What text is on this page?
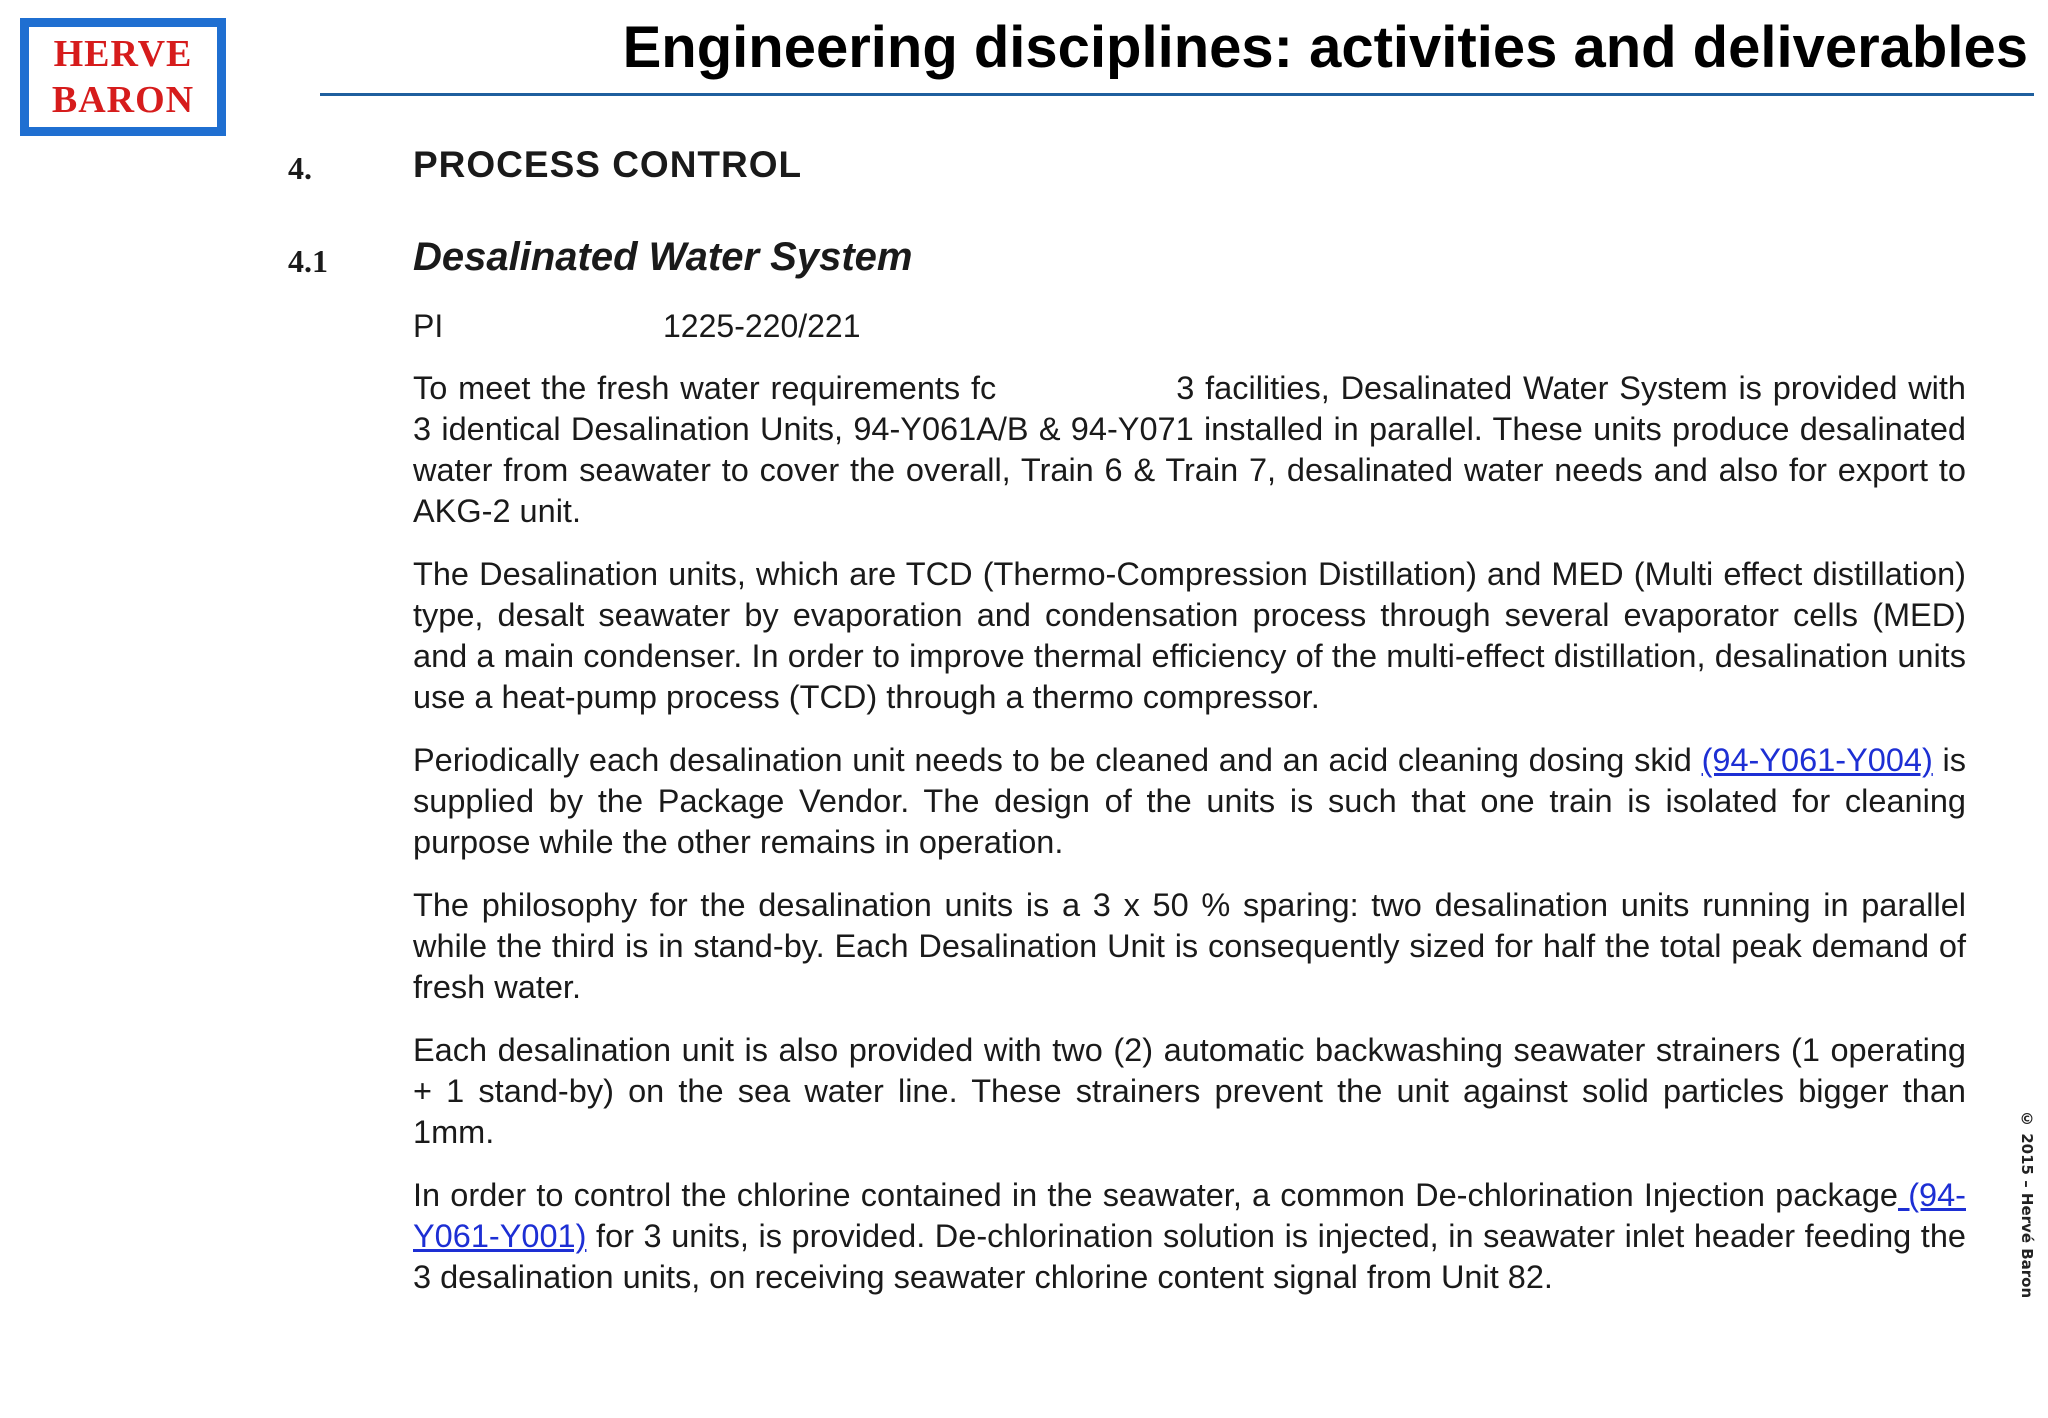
HERVE
BARON
Engineering disciplines: activities and deliverables
© 2015 – Hervé Baron
4.	PROCESS CONTROL
4.1 Desalinated Water System
PI	1225-220/221

To meet the fresh water requirements fc	3 facilities, Desalinated Water System is provided with 3 identical Desalination Units, 94-Y061A/B & 94-Y071 installed in parallel. These units produce desalinated water from seawater to cover the overall, Train 6 & Train 7, desalinated water needs and also for export to AKG-2 unit.

The Desalination units, which are TCD (Thermo-Compression Distillation) and MED (Multi effect distillation) type, desalt seawater by evaporation and condensation process through several evaporator cells (MED) and a main condenser. In order to improve thermal efficiency of the multi-effect distillation, desalination units use a heat-pump process (TCD) through a thermo compressor.

Periodically each desalination unit needs to be cleaned and an acid cleaning dosing skid (94-Y061-Y004) is supplied by the Package Vendor. The design of the units is such that one train is isolated for cleaning purpose while the other remains in operation.

The philosophy for the desalination units is a 3 x 50 % sparing: two desalination units running in parallel while the third is in stand-by. Each Desalination Unit is consequently sized for half the total peak demand of fresh water.

Each desalination unit is also provided with two (2) automatic backwashing seawater strainers (1 operating + 1 stand-by) on the sea water line. These strainers prevent the unit against solid particles bigger than 1mm.

In order to control the chlorine contained in the seawater, a common De-chlorination Injection package (94-Y061-Y001) for 3 units, is provided. De-chlorination solution is injected, in seawater inlet header feeding the 3 desalination units, on receiving seawater chlorine content signal from Unit 82.
